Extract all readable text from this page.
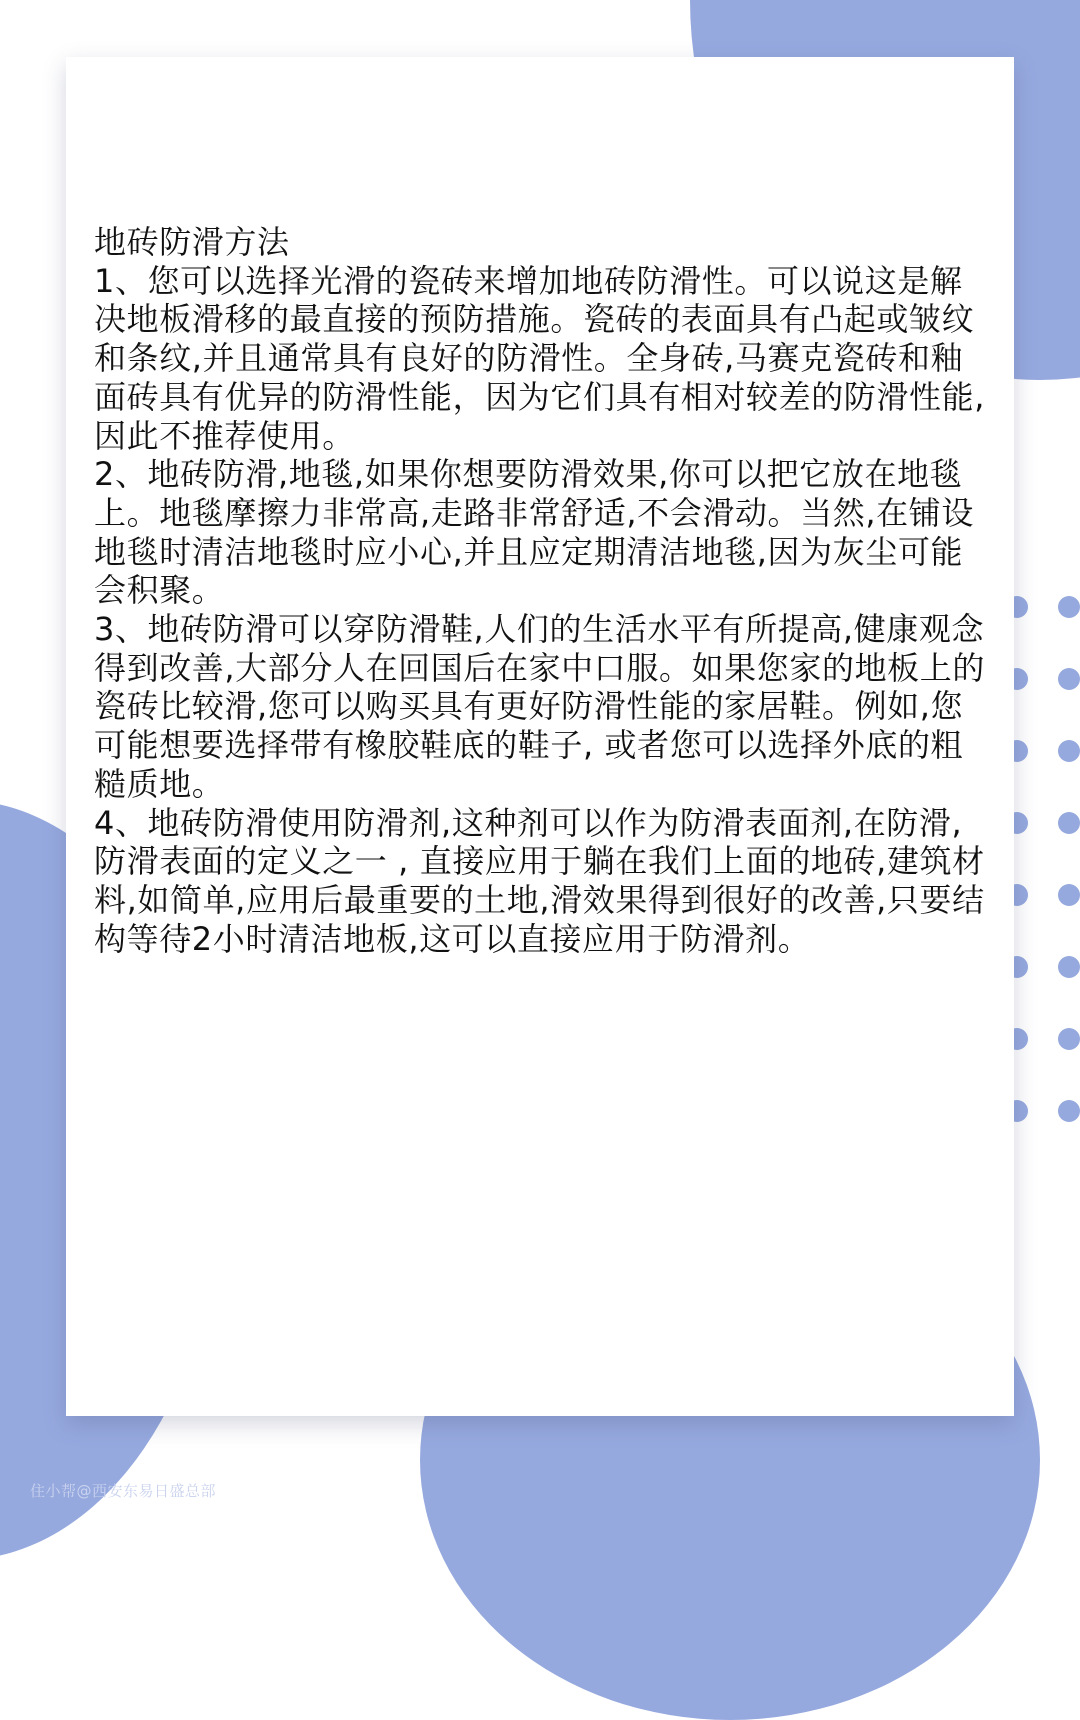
地砖防滑方法

1、您可以选择光滑的瓷砖来增加地砖防滑性。可以说这是解决地板滑移的最直接的预防措施。瓷砖的表面具有凸起或皱纹和条纹,并且通常具有良好的防滑性。全身砖,马赛克瓷砖和釉面砖具有优异的防滑性能，因为它们具有相对较差的防滑性能,因此不推荐使用。

2、地砖防滑,地毯,如果你想要防滑效果,你可以把它放在地毯上。地毯摩擦力非常高,走路非常舒适,不会滑动。当然,在铺设地毯时清洁地毯时应小心,并且应定期清洁地毯,因为灰尘可能会积聚。

3、地砖防滑可以穿防滑鞋,人们的生活水平有所提高,健康观念得到改善,大部分人在回国后在家中口服。如果您家的地板上的瓷砖比较滑,您可以购买具有更好防滑性能的家居鞋。例如,您可能想要选择带有橡胶鞋底的鞋子, 或者您可以选择外底的粗糙质地。

4、地砖防滑使用防滑剂,这种剂可以作为防滑表面剂,在防滑,防滑表面的定义之一 , 直接应用于躺在我们上面的地砖,建筑材料,如简单,应用后最重要的土地,滑效果得到很好的改善,只要结构等待2小时清洁地板,这可以直接应用于防滑剂。

住小帮@西安东易日盛总部
